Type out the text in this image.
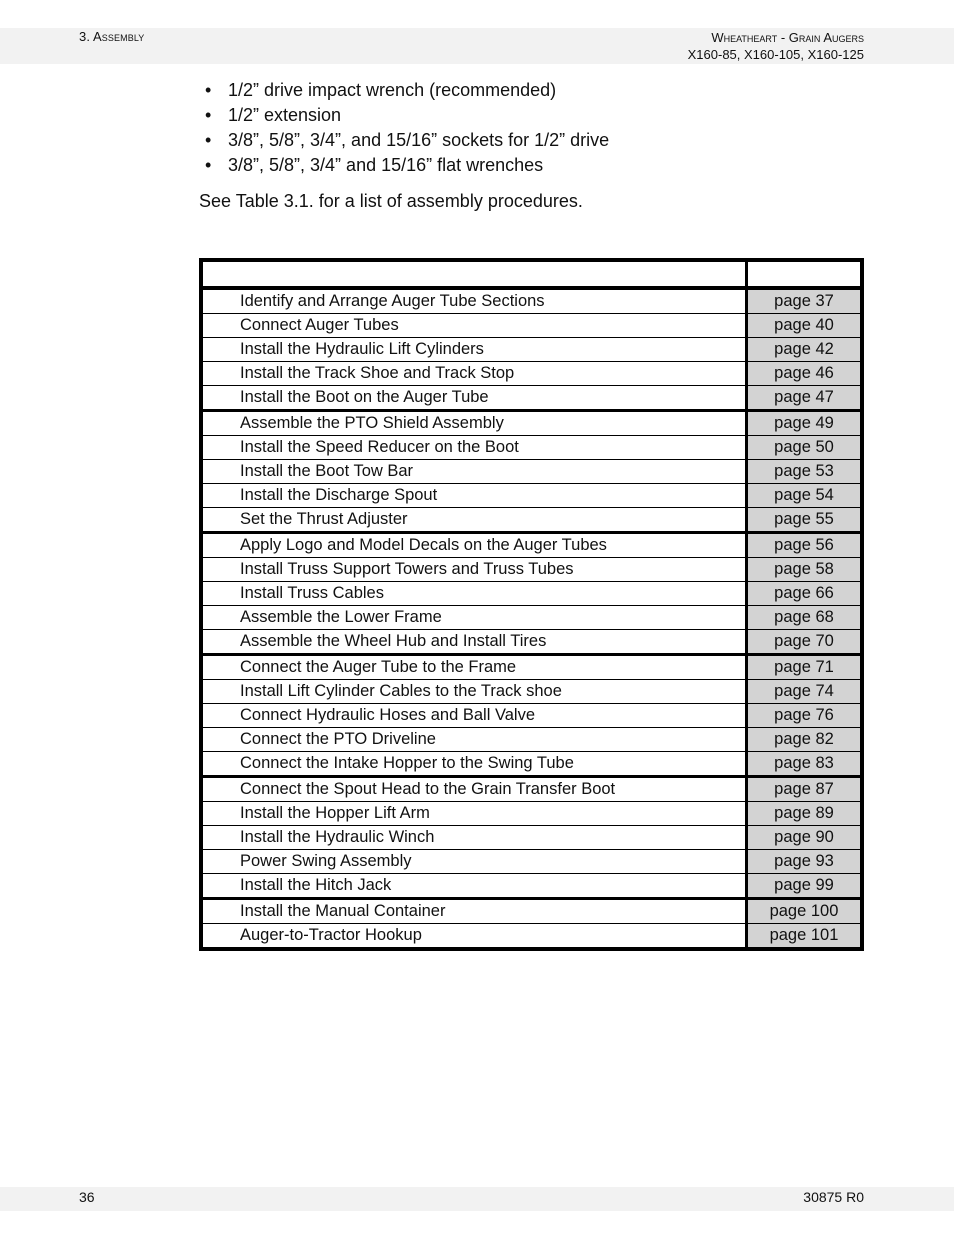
3. Assembly	Wheatheart - Grain Augers
X160-85, X160-105, X160-125
• 1/2” drive impact wrench (recommended)
• 1/2” extension
• 3/8”, 5/8”, 3/4”, and 15/16” sockets for 1/2” drive
• 3/8”, 5/8”, 3/4” and 15/16” flat wrenches
See Table 3.1. for a list of assembly procedures.

Identify and Arrange Auger Tube Sections	page 37
Connect Auger Tubes	page 40
Install the Hydraulic Lift Cylinders	page 42
Install the Track Shoe and Track Stop	page 46
Install the Boot on the Auger Tube	page 47
Assemble the PTO Shield Assembly	page 49
Install the Speed Reducer on the Boot	page 50
Install the Boot Tow Bar	page 53
Install the Discharge Spout	page 54
Set the Thrust Adjuster	page 55
Apply Logo and Model Decals on the Auger Tubes	page 56
Install Truss Support Towers and Truss Tubes	page 58
Install Truss Cables	page 66
Assemble the Lower Frame	page 68
Assemble the Wheel Hub and Install Tires	page 70
Connect the Auger Tube to the Frame	page 71
Install Lift Cylinder Cables to the Track shoe	page 74
Connect Hydraulic Hoses and Ball Valve	page 76
Connect the PTO Driveline	page 82
Connect the Intake Hopper to the Swing Tube	page 83
Connect the Spout Head to the Grain Transfer Boot	page 87
Install the Hopper Lift Arm	page 89
Install the Hydraulic Winch	page 90
Power Swing Assembly	page 93
Install the Hitch Jack	page 99
Install the Manual Container	page 100
Auger-to-Tractor Hookup	page 101
36	30875 R0
